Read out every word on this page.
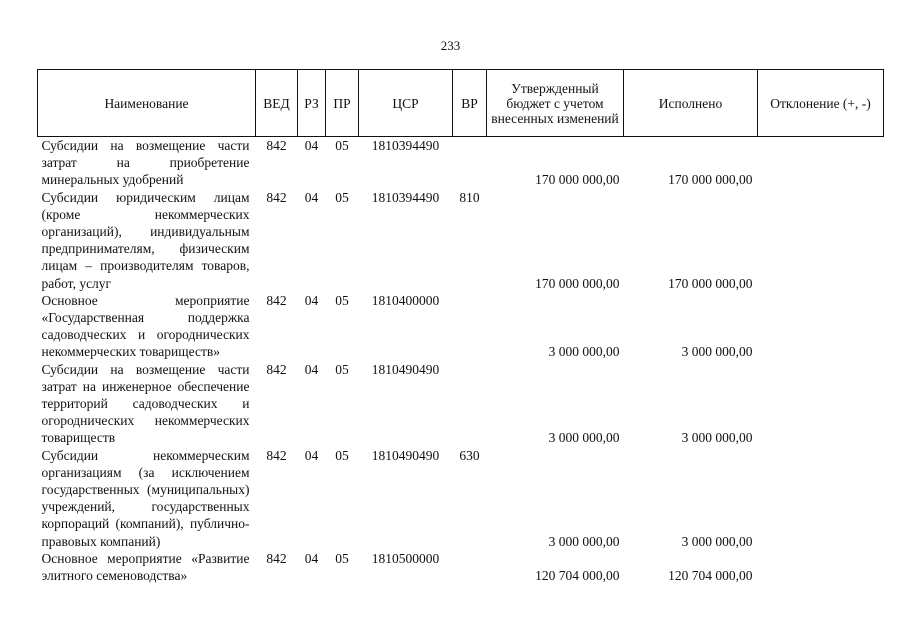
233
Наименование	ВЕД	РЗ	ПР	ЦСР	ВР	Утвержденный бюджет с учетом внесенных изменений	Исполнено	Отклонение (+, -)
Субсидии на возмещение части затрат на приобретение минеральных удобрений	842	04	05	1810394490		170 000 000,00	170 000 000,00	
Субсидии юридическим лицам (кроме некоммерческих организаций), индивидуальным предпринимателям, физическим лицам – производителям товаров, работ, услуг	842	04	05	1810394490	810	170 000 000,00	170 000 000,00	
Основное мероприятие «Государственная поддержка садоводческих и огороднических некоммерческих товариществ»	842	04	05	1810400000		3 000 000,00	3 000 000,00	
Субсидии на возмещение части затрат на инженерное обеспечение территорий садоводческих и огороднических некоммерческих товариществ	842	04	05	1810490490		3 000 000,00	3 000 000,00	
Субсидии некоммерческим организациям (за исключением государственных (муниципальных) учреждений, государственных корпораций (компаний), публично-правовых компаний)	842	04	05	1810490490	630	3 000 000,00	3 000 000,00	
Основное мероприятие «Развитие элитного семеноводства»	842	04	05	1810500000		120 704 000,00	120 704 000,00	
